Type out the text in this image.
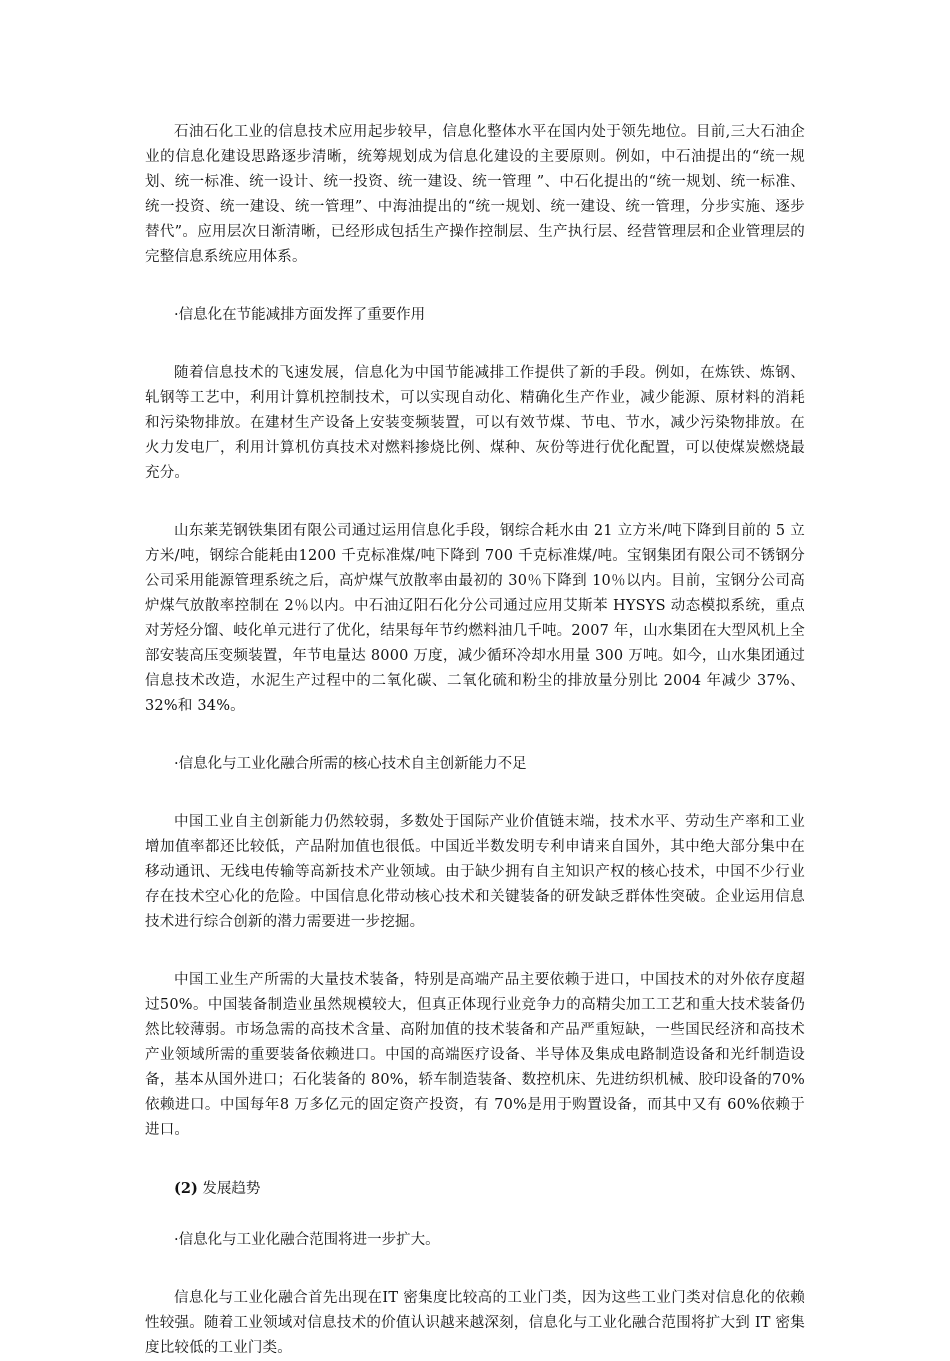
石油石化工业的信息技术应用起步较早，信息化整体水平在国内处于领先地位。目前,三大石油企业的信息化建设思路逐步清晰，统筹规划成为信息化建设的主要原则。例如，中石油提出的“统一规划、统一标准、统一设计、统一投资、统一建设、统一管理 ”、中石化提出的“统一规划、统一标准、统一投资、统一建设、统一管理”、中海油提出的“统一规划、统一建设、统一管理，分步实施、逐步替代”。应用层次日渐清晰，已经形成包括生产操作控制层、生产执行层、经营管理层和企业管理层的完整信息系统应用体系。

·信息化在节能减排方面发挥了重要作用

随着信息技术的飞速发展，信息化为中国节能减排工作提供了新的手段。例如，在炼铁、炼钢、轧钢等工艺中，利用计算机控制技术，可以实现自动化、精确化生产作业，减少能源、原材料的消耗和污染物排放。在建材生产设备上安装变频装置，可以有效节煤、节电、节水，减少污染物排放。在火力发电厂，利用计算机仿真技术对燃料掺烧比例、煤种、灰份等进行优化配置，可以使煤炭燃烧最充分。

山东莱芜钢铁集团有限公司通过运用信息化手段，钢综合耗水由 21 立方米/吨下降到目前的 5 立方米/吨，钢综合能耗由1200 千克标准煤/吨下降到 700 千克标准煤/吨。宝钢集团有限公司不锈钢分公司采用能源管理系统之后，高炉煤气放散率由最初的 30％下降到 10％以内。目前，宝钢分公司高炉煤气放散率控制在 2％以内。中石油辽阳石化分公司通过应用艾斯苯 HYSYS 动态模拟系统，重点对芳烃分馏、岐化单元进行了优化，结果每年节约燃料油几千吨。2007 年，山水集团在大型风机上全部安装高压变频装置，年节电量达 8000 万度，减少循环冷却水用量 300 万吨。如今，山水集团通过信息技术改造，水泥生产过程中的二氧化碳、二氧化硫和粉尘的排放量分别比 2004 年减少 37%、32%和 34%。

·信息化与工业化融合所需的核心技术自主创新能力不足

中国工业自主创新能力仍然较弱，多数处于国际产业价值链末端，技术水平、劳动生产率和工业增加值率都还比较低，产品附加值也很低。中国近半数发明专利申请来自国外，其中绝大部分集中在移动通讯、无线电传输等高新技术产业领域。由于缺少拥有自主知识产权的核心技术，中国不少行业存在技术空心化的危险。中国信息化带动核心技术和关键装备的研发缺乏群体性突破。企业运用信息技术进行综合创新的潜力需要进一步挖掘。

中国工业生产所需的大量技术装备，特别是高端产品主要依赖于进口，中国技术的对外依存度超过50%。中国装备制造业虽然规模较大，但真正体现行业竞争力的高精尖加工工艺和重大技术装备仍然比较薄弱。市场急需的高技术含量、高附加值的技术装备和产品严重短缺，一些国民经济和高技术产业领域所需的重要装备依赖进口。中国的高端医疗设备、半导体及集成电路制造设备和光纤制造设备，基本从国外进口；石化装备的 80%，轿车制造装备、数控机床、先进纺织机械、胶印设备的70%依赖进口。中国每年8 万多亿元的固定资产投资，有 70%是用于购置设备，而其中又有 60%依赖于进口。

(2) 发展趋势

·信息化与工业化融合范围将进一步扩大。

信息化与工业化融合首先出现在IT 密集度比较高的工业门类，因为这些工业门类对信息化的依赖性较强。随着工业领域对信息技术的价值认识越来越深刻，信息化与工业化融合范围将扩大到 IT 密集度比较低的工业门类。
